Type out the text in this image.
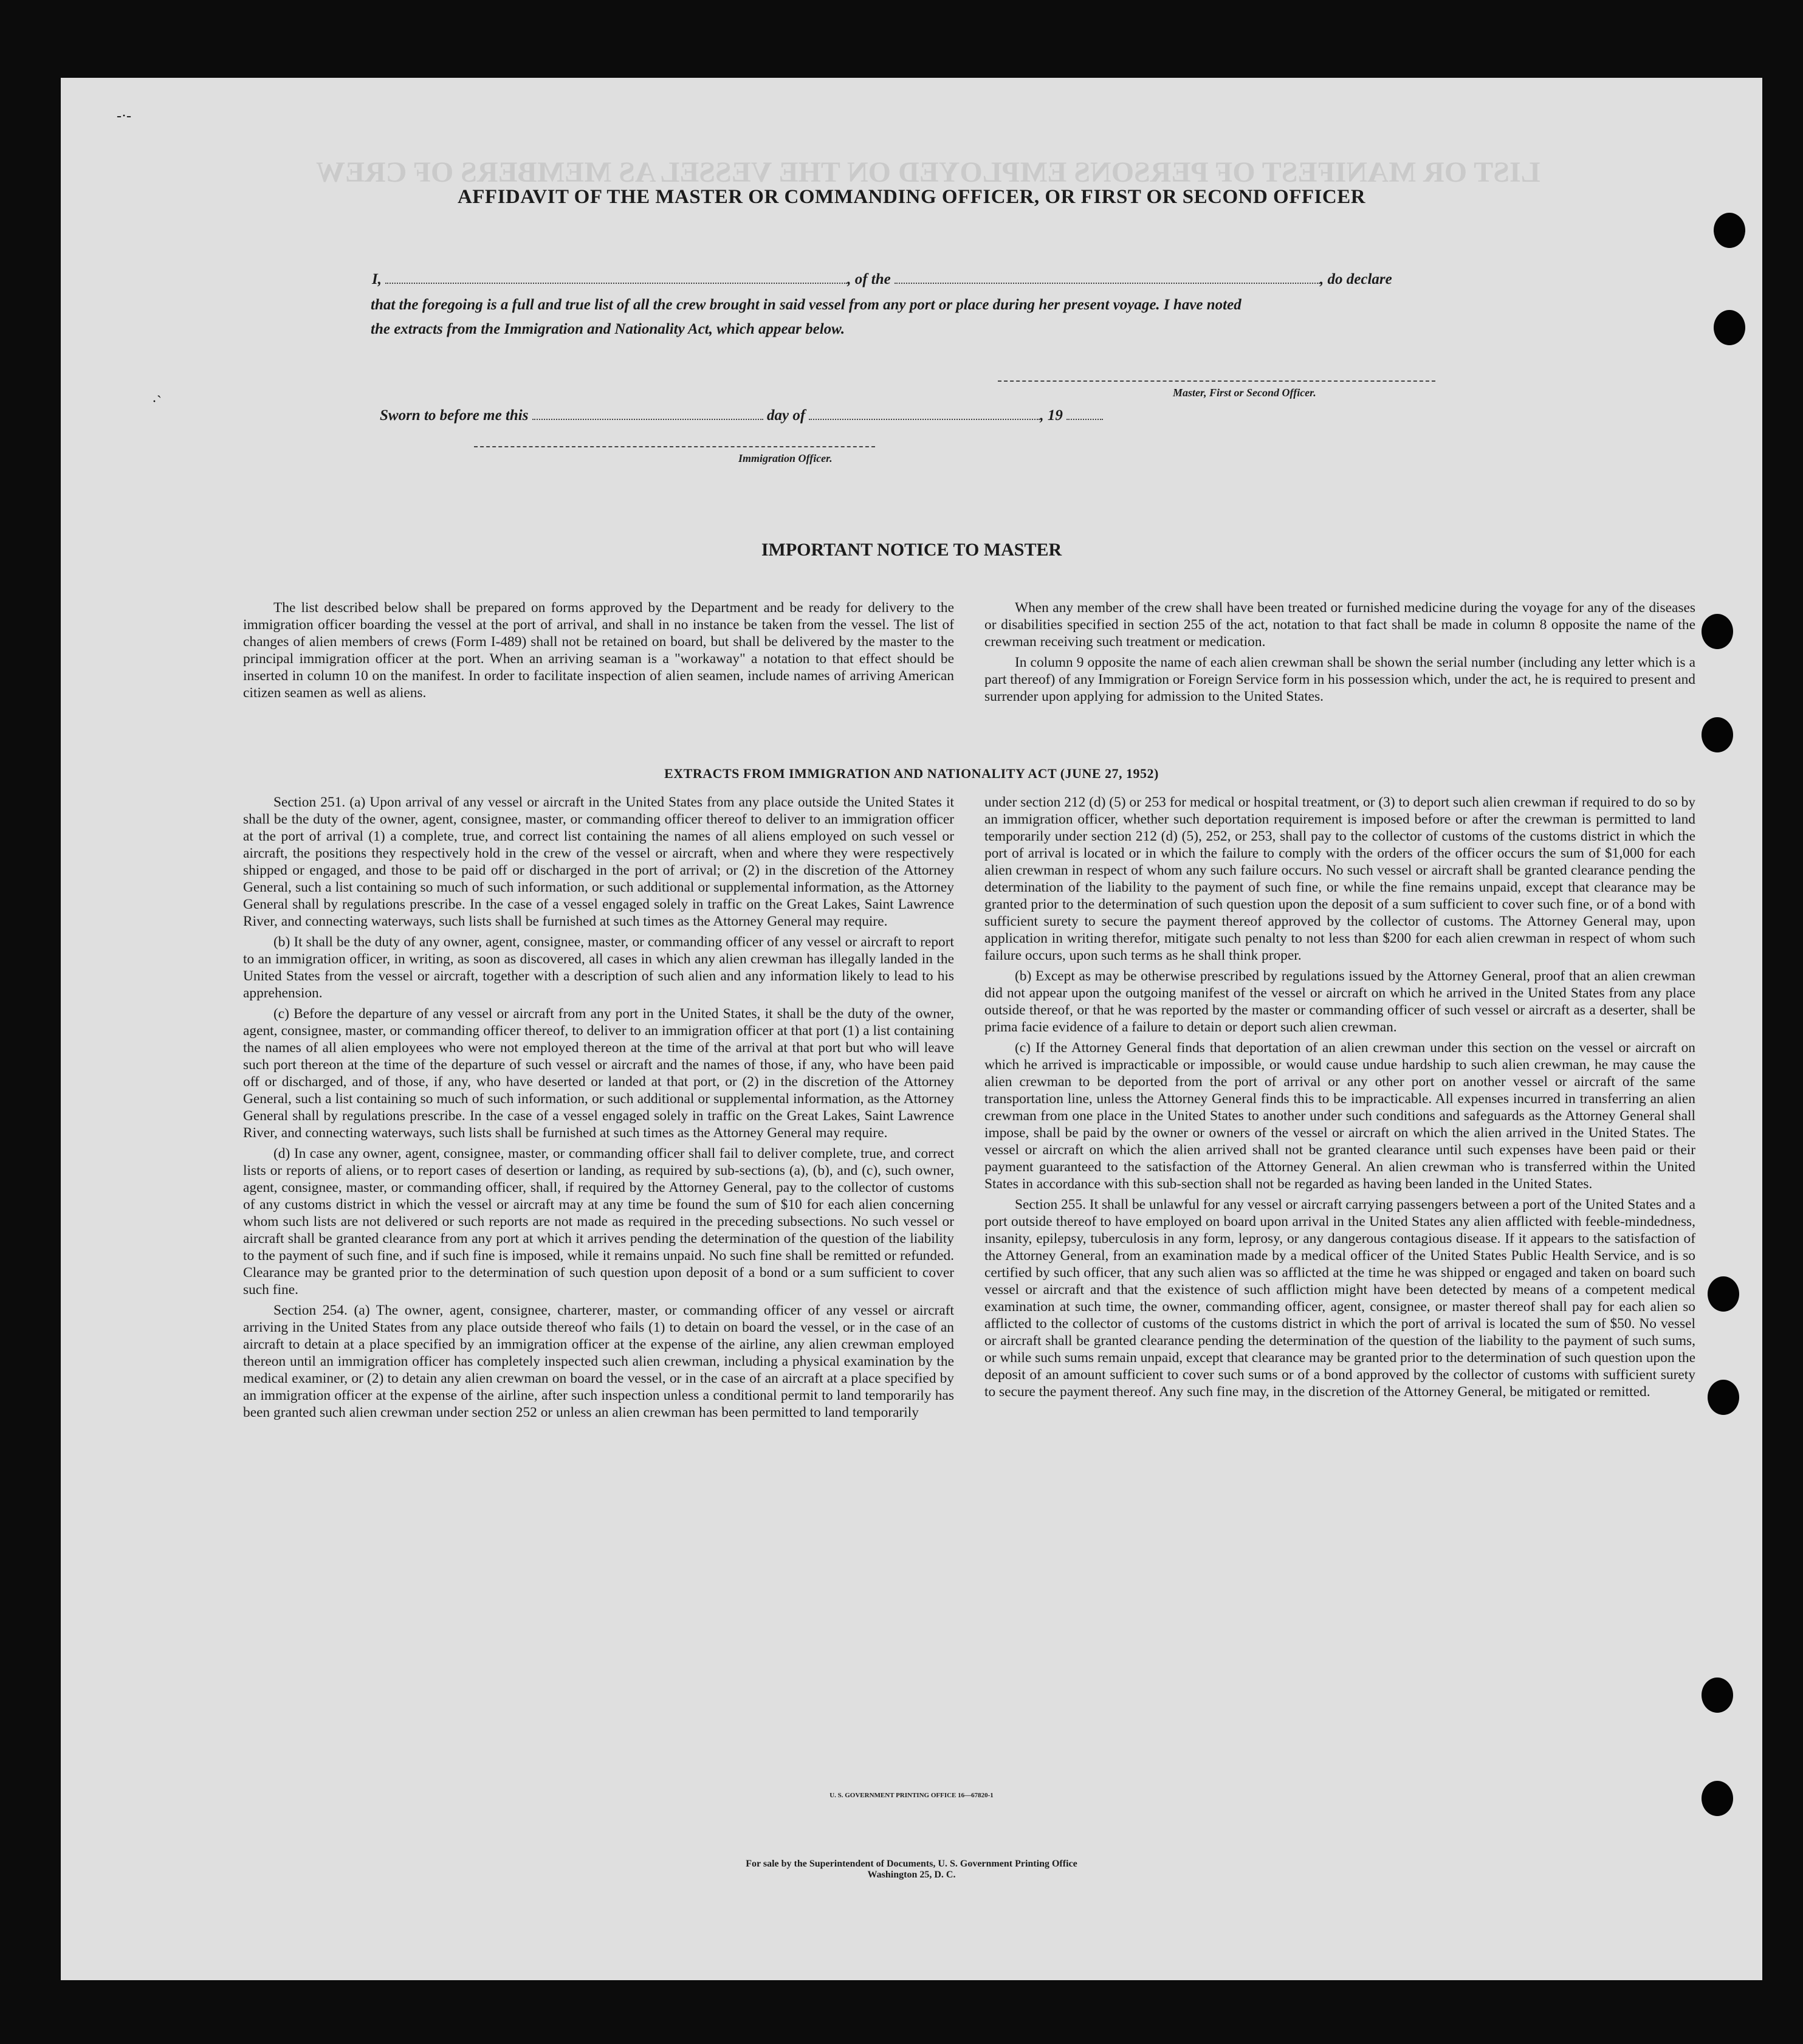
LIST OR MANIFEST OF PERSONS EMPLOYED ON THE VESSEL AS MEMBERS OF CREW
AFFIDAVIT OF THE MASTER OR COMMANDING OFFICER, OR FIRST OR SECOND OFFICER
I,	, of the	, do declare
that the foregoing is a full and true list of all the crew brought in said vessel from any port or place during her present voyage. I have noted
the extracts from the Immigration and Nationality Act, which appear below.
Master, First or Second Officer.
Sworn to before me this	day of	, 19
Immigration Officer.
IMPORTANT NOTICE TO MASTER

The list described below shall be prepared on forms approved by the Department and be ready for delivery to the immigration officer boarding the vessel at the port of arrival, and shall in no instance be taken from the vessel. The list of changes of alien members of crews (Form I-489) shall not be retained on board, but shall be delivered by the master to the principal immigration officer at the port. When an arriving seaman is a "workaway" a notation to that effect should be inserted in column 10 on the manifest. In order to facilitate inspection of alien seamen, include names of arriving American citizen seamen as well as aliens.

When any member of the crew shall have been treated or furnished medicine during the voyage for any of the diseases or disabilities specified in section 255 of the act, notation to that fact shall be made in column 8 opposite the name of the crewman receiving such treatment or medication.

In column 9 opposite the name of each alien crewman shall be shown the serial number (including any letter which is a part thereof) of any Immigration or Foreign Service form in his possession which, under the act, he is required to present and surrender upon applying for admission to the United States.

EXTRACTS FROM IMMIGRATION AND NATIONALITY ACT (JUNE 27, 1952)

Section 251. (a) Upon arrival of any vessel or aircraft in the United States from any place outside the United States it shall be the duty of the owner, agent, consignee, master, or commanding officer thereof to deliver to an immigration officer at the port of arrival (1) a complete, true, and correct list containing the names of all aliens employed on such vessel or aircraft, the positions they respectively hold in the crew of the vessel or aircraft, when and where they were respectively shipped or engaged, and those to be paid off or discharged in the port of arrival; or (2) in the discretion of the Attorney General, such a list containing so much of such information, or such additional or supplemental information, as the Attorney General shall by regulations prescribe. In the case of a vessel engaged solely in traffic on the Great Lakes, Saint Lawrence River, and connecting waterways, such lists shall be furnished at such times as the Attorney General may require.

(b) It shall be the duty of any owner, agent, consignee, master, or commanding officer of any vessel or aircraft to report to an immigration officer, in writing, as soon as discovered, all cases in which any alien crewman has illegally landed in the United States from the vessel or aircraft, together with a description of such alien and any information likely to lead to his apprehension.

(c) Before the departure of any vessel or aircraft from any port in the United States, it shall be the duty of the owner, agent, consignee, master, or commanding officer thereof, to deliver to an immigration officer at that port (1) a list containing the names of all alien employees who were not employed thereon at the time of the arrival at that port but who will leave such port thereon at the time of the departure of such vessel or aircraft and the names of those, if any, who have been paid off or discharged, and of those, if any, who have deserted or landed at that port, or (2) in the discretion of the Attorney General, such a list containing so much of such information, or such additional or supplemental information, as the Attorney General shall by regulations prescribe. In the case of a vessel engaged solely in traffic on the Great Lakes, Saint Lawrence River, and connecting waterways, such lists shall be furnished at such times as the Attorney General may require.

(d) In case any owner, agent, consignee, master, or commanding officer shall fail to deliver complete, true, and correct lists or reports of aliens, or to report cases of desertion or landing, as required by sub-sections (a), (b), and (c), such owner, agent, consignee, master, or commanding officer, shall, if required by the Attorney General, pay to the collector of customs of any customs district in which the vessel or aircraft may at any time be found the sum of $10 for each alien concerning whom such lists are not delivered or such reports are not made as required in the preceding subsections. No such vessel or aircraft shall be granted clearance from any port at which it arrives pending the determination of the question of the liability to the payment of such fine, and if such fine is imposed, while it remains unpaid. No such fine shall be remitted or refunded. Clearance may be granted prior to the determination of such question upon deposit of a bond or a sum sufficient to cover such fine.

Section 254. (a) The owner, agent, consignee, charterer, master, or commanding officer of any vessel or aircraft arriving in the United States from any place outside thereof who fails (1) to detain on board the vessel, or in the case of an aircraft to detain at a place specified by an immigration officer at the expense of the airline, any alien crewman employed thereon until an immigration officer has completely inspected such alien crewman, including a physical examination by the medical examiner, or (2) to detain any alien crewman on board the vessel, or in the case of an aircraft at a place specified by an immigration officer at the expense of the airline, after such inspection unless a conditional permit to land temporarily has been granted such alien crewman under section 252 or unless an alien crewman has been permitted to land temporarily

under section 212 (d) (5) or 253 for medical or hospital treatment, or (3) to deport such alien crewman if required to do so by an immigration officer, whether such deportation requirement is imposed before or after the crewman is permitted to land temporarily under section 212 (d) (5), 252, or 253, shall pay to the collector of customs of the customs district in which the port of arrival is located or in which the failure to comply with the orders of the officer occurs the sum of $1,000 for each alien crewman in respect of whom any such failure occurs. No such vessel or aircraft shall be granted clearance pending the determination of the liability to the payment of such fine, or while the fine remains unpaid, except that clearance may be granted prior to the determination of such question upon the deposit of a sum sufficient to cover such fine, or of a bond with sufficient surety to secure the payment thereof approved by the collector of customs. The Attorney General may, upon application in writing therefor, mitigate such penalty to not less than $200 for each alien crewman in respect of whom such failure occurs, upon such terms as he shall think proper.

(b) Except as may be otherwise prescribed by regulations issued by the Attorney General, proof that an alien crewman did not appear upon the outgoing manifest of the vessel or aircraft on which he arrived in the United States from any place outside thereof, or that he was reported by the master or commanding officer of such vessel or aircraft as a deserter, shall be prima facie evidence of a failure to detain or deport such alien crewman.

(c) If the Attorney General finds that deportation of an alien crewman under this section on the vessel or aircraft on which he arrived is impracticable or impossible, or would cause undue hardship to such alien crewman, he may cause the alien crewman to be deported from the port of arrival or any other port on another vessel or aircraft of the same transportation line, unless the Attorney General finds this to be impracticable. All expenses incurred in transferring an alien crewman from one place in the United States to another under such conditions and safeguards as the Attorney General shall impose, shall be paid by the owner or owners of the vessel or aircraft on which the alien arrived in the United States. The vessel or aircraft on which the alien arrived shall not be granted clearance until such expenses have been paid or their payment guaranteed to the satisfaction of the Attorney General. An alien crewman who is transferred within the United States in accordance with this sub-section shall not be regarded as having been landed in the United States.

Section 255. It shall be unlawful for any vessel or aircraft carrying passengers between a port of the United States and a port outside thereof to have employed on board upon arrival in the United States any alien afflicted with feeble-mindedness, insanity, epilepsy, tuberculosis in any form, leprosy, or any dangerous contagious disease. If it appears to the satisfaction of the Attorney General, from an examination made by a medical officer of the United States Public Health Service, and is so certified by such officer, that any such alien was so afflicted at the time he was shipped or engaged and taken on board such vessel or aircraft and that the existence of such affliction might have been detected by means of a competent medical examination at such time, the owner, commanding officer, agent, consignee, or master thereof shall pay for each alien so afflicted to the collector of customs of the customs district in which the port of arrival is located the sum of $50. No vessel or aircraft shall be granted clearance pending the determination of the question of the liability to the payment of such sums, or while such sums remain unpaid, except that clearance may be granted prior to the determination of such question upon the deposit of an amount sufficient to cover such sums or of a bond approved by the collector of customs with sufficient surety to secure the payment thereof. Any such fine may, in the discretion of the Attorney General, be mitigated or remitted.

U. S. GOVERNMENT PRINTING OFFICE 16—67820-1
For sale by the Superintendent of Documents, U. S. Government Printing Office
Washington 25, D. C.
-·-
·`
